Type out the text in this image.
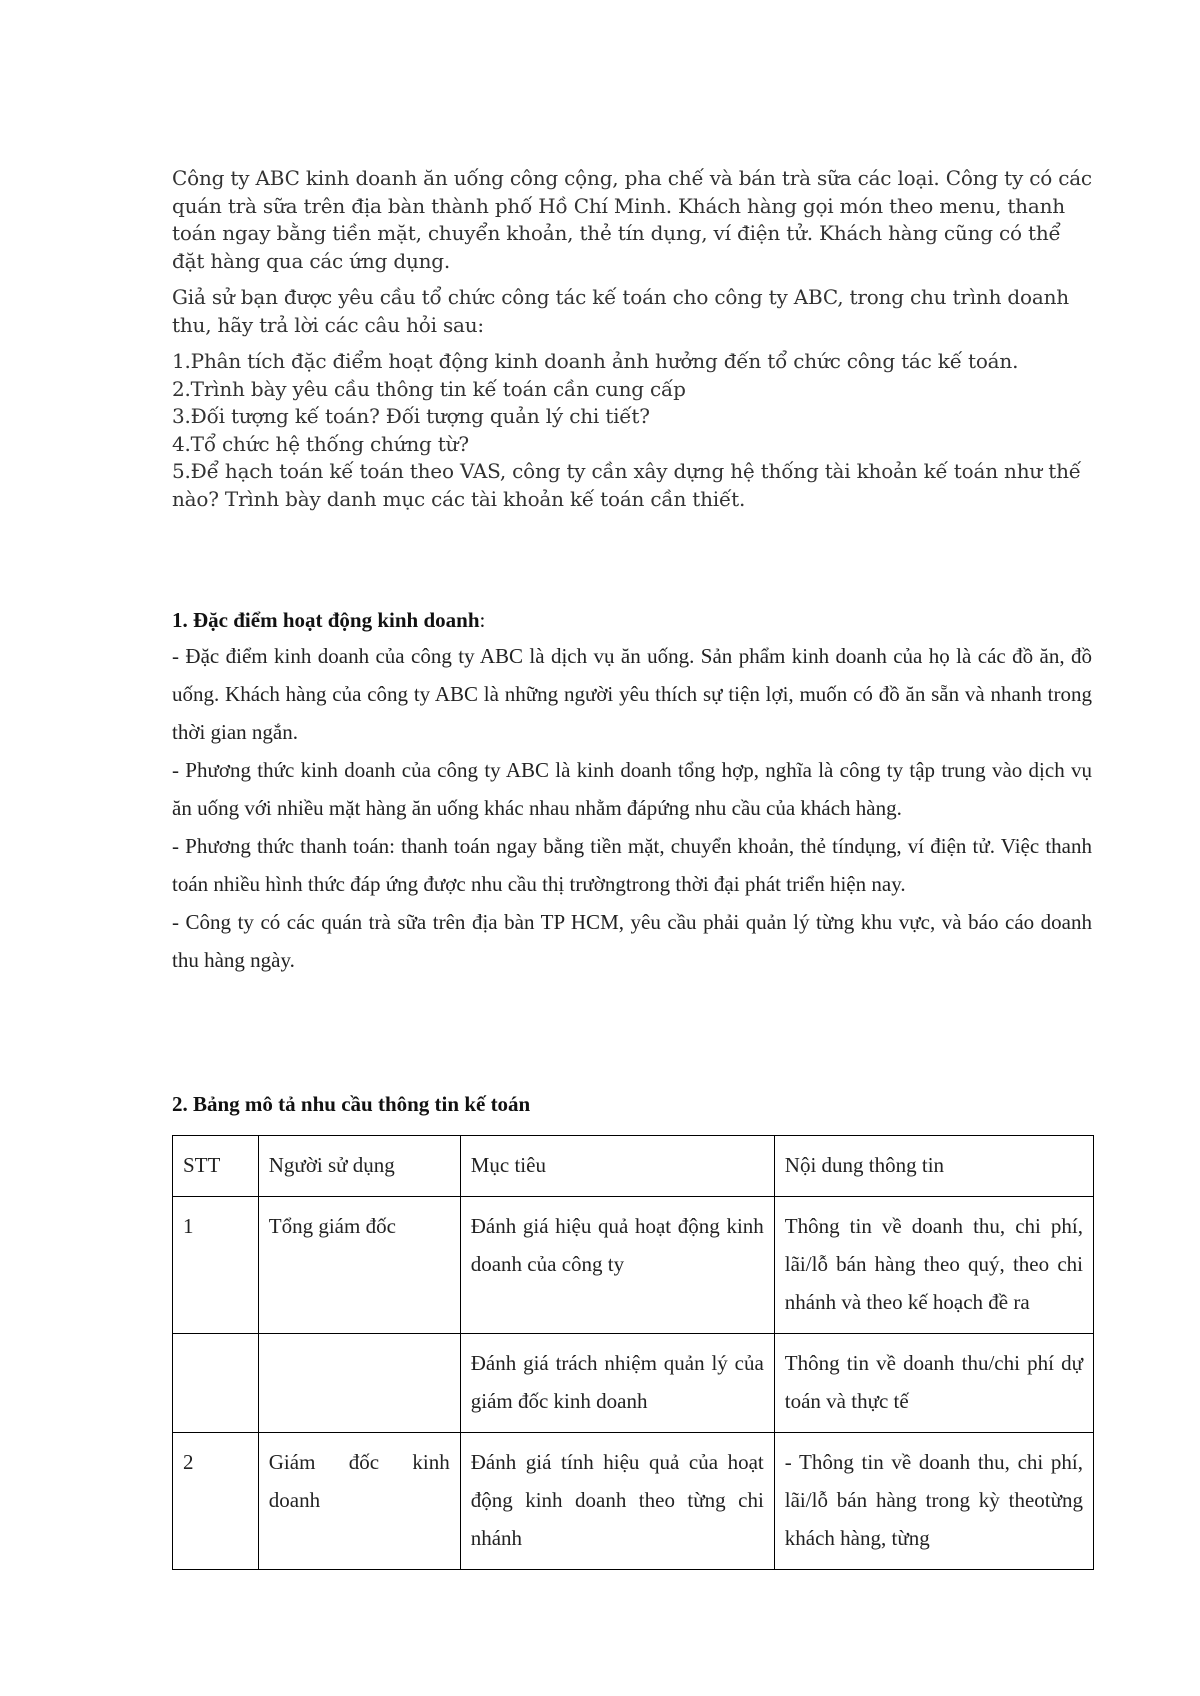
Công ty ABC kinh doanh ăn uống công cộng, pha chế và bán trà sữa các loại. Công ty có các quán trà sữa trên địa bàn thành phố Hồ Chí Minh. Khách hàng gọi món theo menu, thanh toán ngay bằng tiền mặt, chuyển khoản, thẻ tín dụng, ví điện tử. Khách hàng cũng có thể đặt hàng qua các ứng dụng.

Giả sử bạn được yêu cầu tổ chức công tác kế toán cho công ty ABC, trong chu trình doanh thu, hãy trả lời các câu hỏi sau:

1.Phân tích đặc điểm hoạt động kinh doanh ảnh hưởng đến tổ chức công tác kế toán.
2.Trình bày yêu cầu thông tin kế toán cần cung cấp
3.Đối tượng kế toán? Đối tượng quản lý chi tiết?
4.Tổ chức hệ thống chứng từ?
5.Để hạch toán kế toán theo VAS, công ty cần xây dựng hệ thống tài khoản kế toán như thế nào? Trình bày danh mục các tài khoản kế toán cần thiết.
1. Đặc điểm hoạt động kinh doanh:

- Đặc điểm kinh doanh của công ty ABC là dịch vụ ăn uống. Sản phẩm kinh doanh của họ là các đồ ăn, đồ uống. Khách hàng của công ty ABC là những người yêu thích sự tiện lợi, muốn có đồ ăn sẵn và nhanh trong thời gian ngắn.

- Phương thức kinh doanh của công ty ABC là kinh doanh tổng hợp, nghĩa là công ty tập trung vào dịch vụ ăn uống với nhiều mặt hàng ăn uống khác nhau nhằm đápứng nhu cầu của khách hàng.

- Phương thức thanh toán: thanh toán ngay bằng tiền mặt, chuyển khoản, thẻ tíndụng, ví điện tử. Việc thanh toán nhiều hình thức đáp ứng được nhu cầu thị trườngtrong thời đại phát triển hiện nay.

- Công ty có các quán trà sữa trên địa bàn TP HCM, yêu cầu phải quản lý từng khu vực, và báo cáo doanh thu hàng ngày.

2. Bảng mô tả nhu cầu thông tin kế toán
STT	Người sử dụng	Mục tiêu	Nội dung thông tin
1	Tổng giám đốc	Đánh giá hiệu quả hoạt động kinh doanh của công ty	Thông tin về doanh thu, chi phí, lãi/lỗ bán hàng theo quý, theo chi nhánh và theo kế hoạch đề ra
		Đánh giá trách nhiệm quản lý của giám đốc kinh doanh	Thông tin về doanh thu/chi phí dự toán và thực tế
2	Giám đốc kinh doanh	Đánh giá tính hiệu quả của hoạt động kinh doanh theo từng chi nhánh	- Thông tin về doanh thu, chi phí, lãi/lỗ bán hàng trong kỳ theotừng khách hàng, từng
